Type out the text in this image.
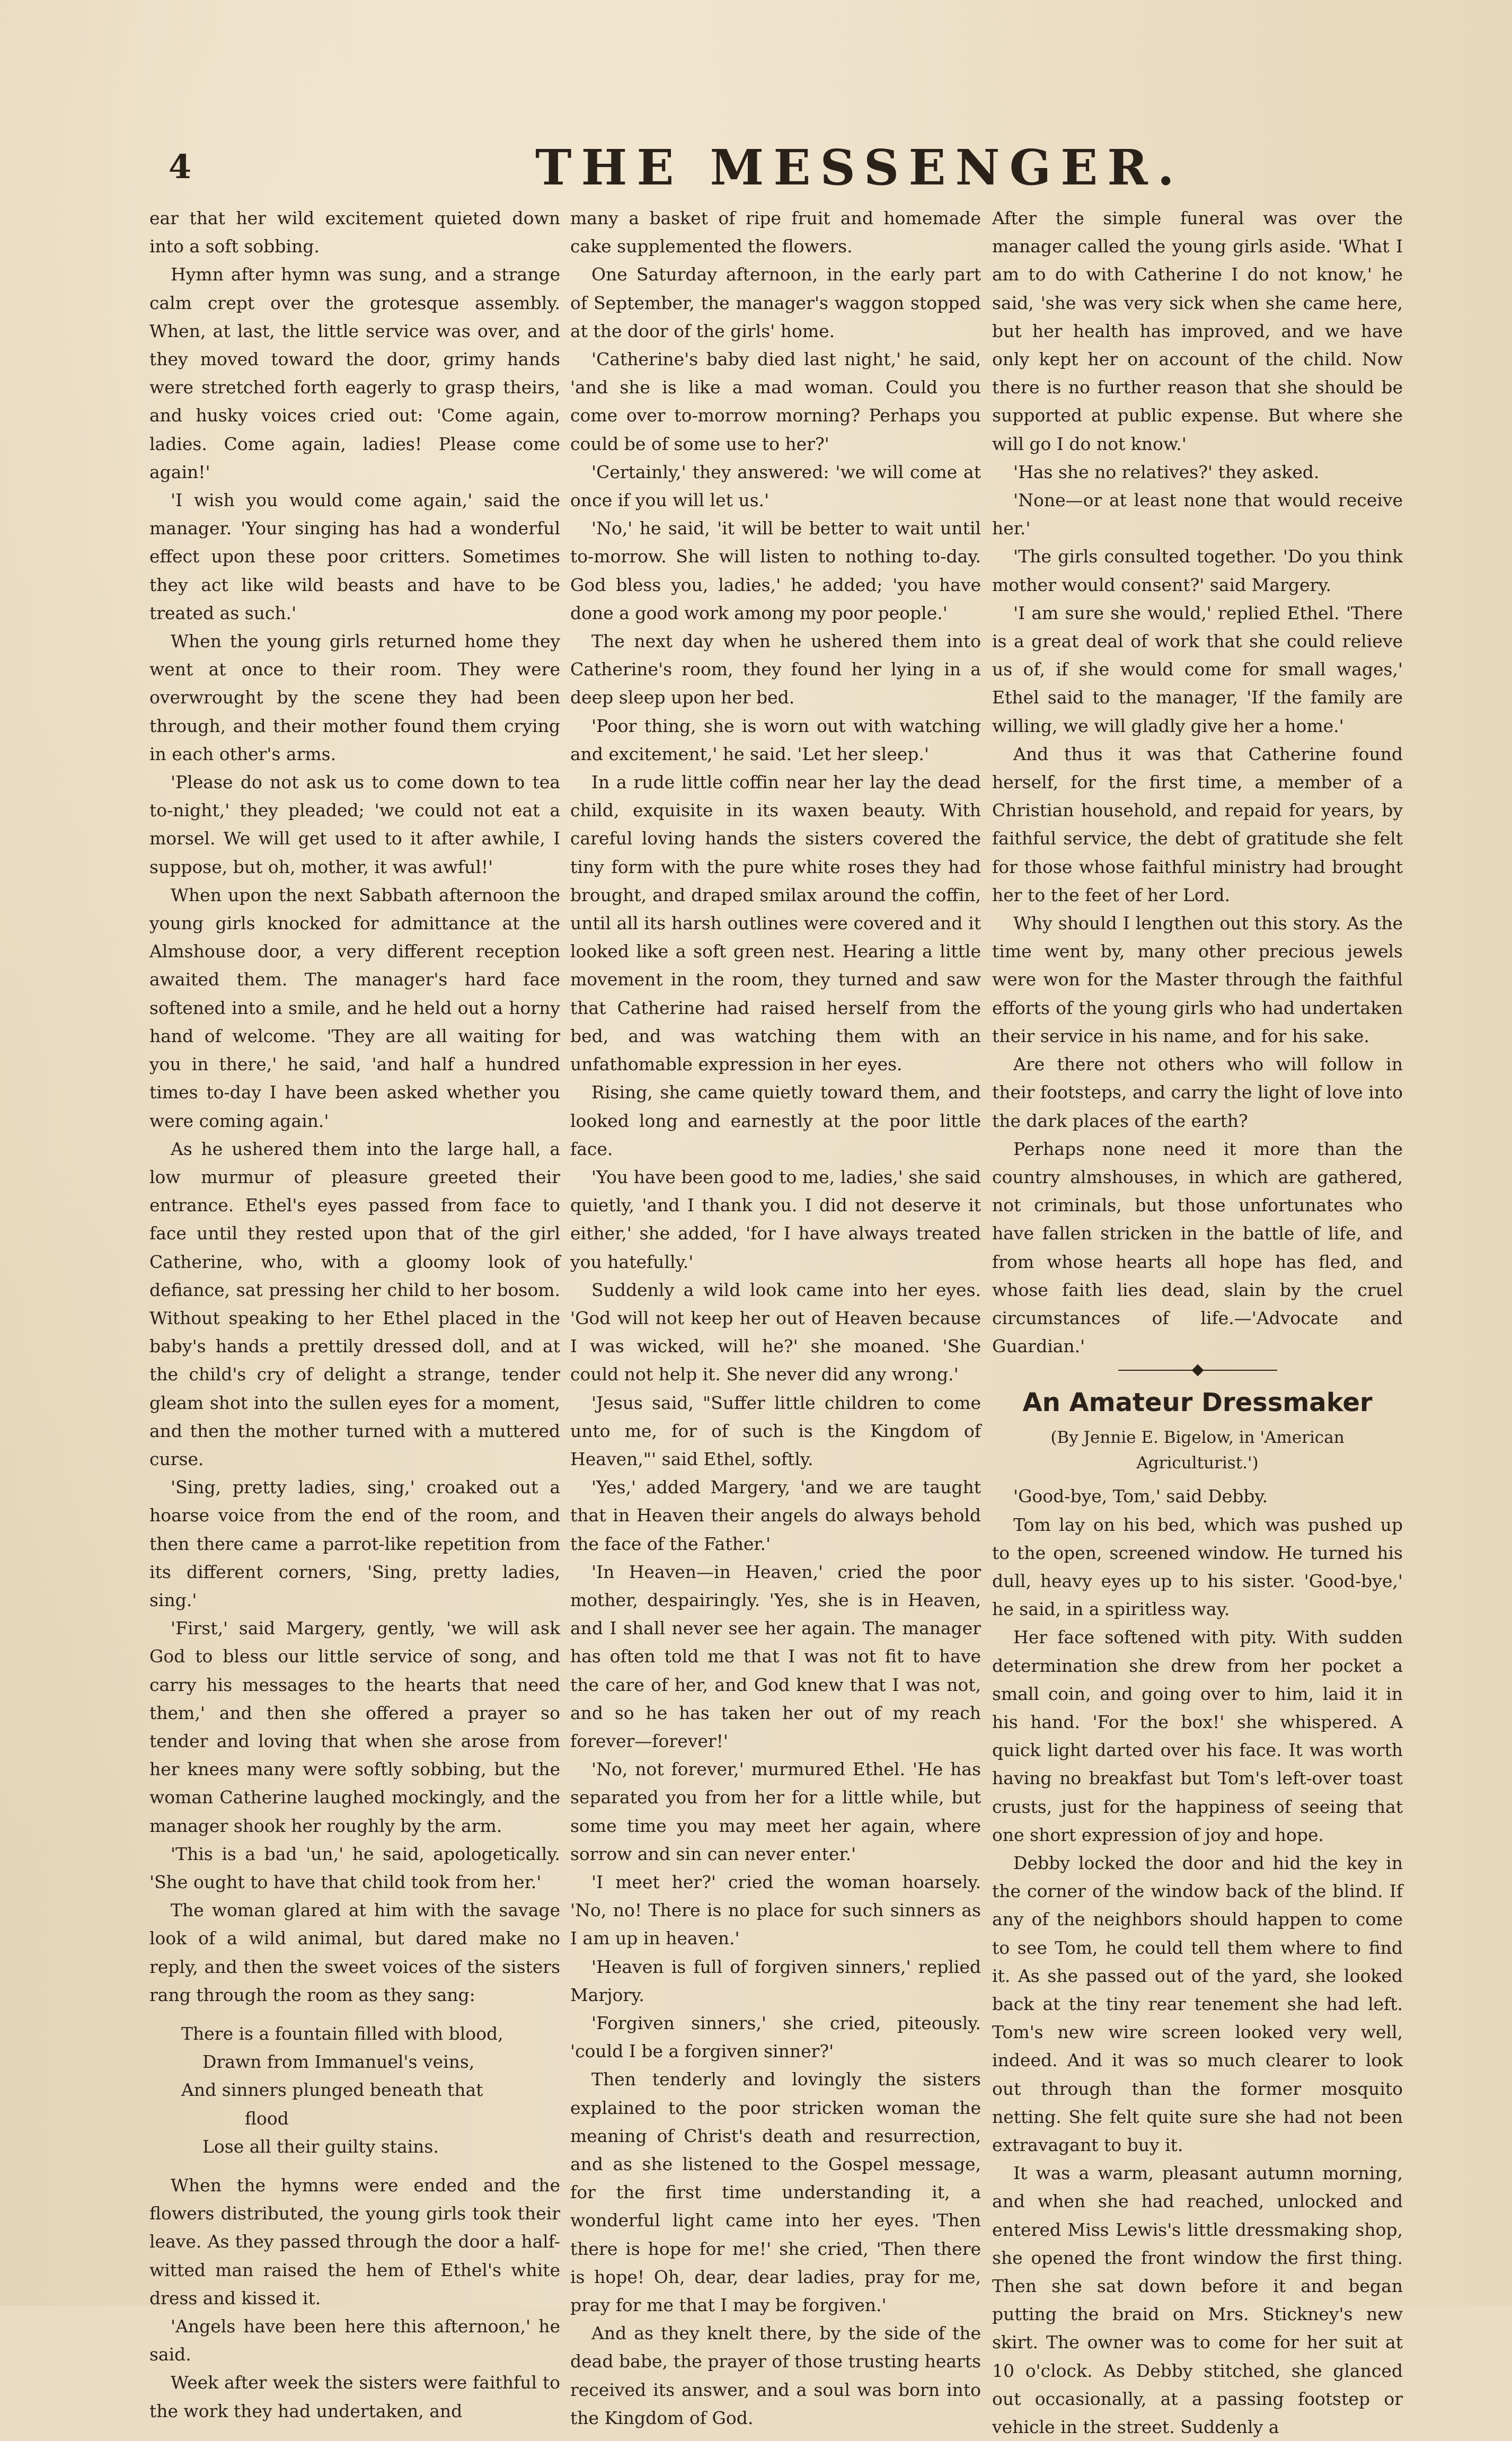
4	THE MESSENGER.

ear that her wild excitement quieted down into a soft sobbing.

Hymn after hymn was sung, and a strange calm crept over the grotesque assembly. When, at last, the little service was over, and they moved toward the door, grimy hands were stretched forth eagerly to grasp theirs, and husky voices cried out: 'Come again, ladies. Come again, ladies! Please come again!'

'I wish you would come again,' said the manager. 'Your singing has had a wonderful effect upon these poor critters. Sometimes they act like wild beasts and have to be treated as such.'

When the young girls returned home they went at once to their room. They were overwrought by the scene they had been through, and their mother found them crying in each other's arms.

'Please do not ask us to come down to tea to-night,' they pleaded; 'we could not eat a morsel. We will get used to it after awhile, I suppose, but oh, mother, it was awful!'

When upon the next Sabbath afternoon the young girls knocked for admittance at the Almshouse door, a very different reception awaited them. The manager's hard face softened into a smile, and he held out a horny hand of welcome. 'They are all waiting for you in there,' he said, 'and half a hundred times to-day I have been asked whether you were coming again.'

As he ushered them into the large hall, a low murmur of pleasure greeted their entrance. Ethel's eyes passed from face to face until they rested upon that of the girl Catherine, who, with a gloomy look of defiance, sat pressing her child to her bosom. Without speaking to her Ethel placed in the baby's hands a prettily dressed doll, and at the child's cry of delight a strange, tender gleam shot into the sullen eyes for a moment, and then the mother turned with a muttered curse.

'Sing, pretty ladies, sing,' croaked out a hoarse voice from the end of the room, and then there came a parrot-like repetition from its different corners, 'Sing, pretty ladies, sing.'

'First,' said Margery, gently, 'we will ask God to bless our little service of song, and carry his messages to the hearts that need them,' and then she offered a prayer so tender and loving that when she arose from her knees many were softly sobbing, but the woman Catherine laughed mockingly, and the manager shook her roughly by the arm.

'This is a bad 'un,' he said, apologetically. 'She ought to have that child took from her.'

The woman glared at him with the savage look of a wild animal, but dared make no reply, and then the sweet voices of the sisters rang through the room as they sang:

There is a fountain filled with blood,

Drawn from Immanuel's veins,

And sinners plunged beneath that

flood

Lose all their guilty stains.

When the hymns were ended and the flowers distributed, the young girls took their leave. As they passed through the door a half-witted man raised the hem of Ethel's white dress and kissed it.

'Angels have been here this afternoon,' he said.

Week after week the sisters were faithful to the work they had undertaken, and

many a basket of ripe fruit and homemade cake supplemented the flowers.

One Saturday afternoon, in the early part of September, the manager's waggon stopped at the door of the girls' home.

'Catherine's baby died last night,' he said, 'and she is like a mad woman. Could you come over to-morrow morning? Perhaps you could be of some use to her?'

'Certainly,' they answered: 'we will come at once if you will let us.'

'No,' he said, 'it will be better to wait until to-morrow. She will listen to nothing to-day. God bless you, ladies,' he added; 'you have done a good work among my poor people.'

The next day when he ushered them into Catherine's room, they found her lying in a deep sleep upon her bed.

'Poor thing, she is worn out with watching and excitement,' he said. 'Let her sleep.'

In a rude little coffin near her lay the dead child, exquisite in its waxen beauty. With careful loving hands the sisters covered the tiny form with the pure white roses they had brought, and draped smilax around the coffin, until all its harsh outlines were covered and it looked like a soft green nest. Hearing a little movement in the room, they turned and saw that Catherine had raised herself from the bed, and was watching them with an unfathomable expression in her eyes.

Rising, she came quietly toward them, and looked long and earnestly at the poor little face.

'You have been good to me, ladies,' she said quietly, 'and I thank you. I did not deserve it either,' she added, 'for I have always treated you hatefully.'

Suddenly a wild look came into her eyes. 'God will not keep her out of Heaven because I was wicked, will he?' she moaned. 'She could not help it. She never did any wrong.'

'Jesus said, "Suffer little children to come unto me, for of such is the Kingdom of Heaven,"' said Ethel, softly.

'Yes,' added Margery, 'and we are taught that in Heaven their angels do always behold the face of the Father.'

'In Heaven—in Heaven,' cried the poor mother, despairingly. 'Yes, she is in Heaven, and I shall never see her again. The manager has often told me that I was not fit to have the care of her, and God knew that I was not, and so he has taken her out of my reach forever—forever!'

'No, not forever,' murmured Ethel. 'He has separated you from her for a little while, but some time you may meet her again, where sorrow and sin can never enter.'

'I meet her?' cried the woman hoarsely. 'No, no! There is no place for such sinners as I am up in heaven.'

'Heaven is full of forgiven sinners,' replied Marjory.

'Forgiven sinners,' she cried, piteously. 'could I be a forgiven sinner?'

Then tenderly and lovingly the sisters explained to the poor stricken woman the meaning of Christ's death and resurrection, and as she listened to the Gospel message, for the first time understanding it, a wonderful light came into her eyes. 'Then there is hope for me!' she cried, 'Then there is hope! Oh, dear, dear ladies, pray for me, pray for me that I may be forgiven.'

And as they knelt there, by the side of the dead babe, the prayer of those trusting hearts received its answer, and a soul was born into the Kingdom of God.

After the simple funeral was over the manager called the young girls aside. 'What I am to do with Catherine I do not know,' he said, 'she was very sick when she came here, but her health has improved, and we have only kept her on account of the child. Now there is no further reason that she should be supported at public expense. But where she will go I do not know.'

'Has she no relatives?' they asked.

'None—or at least none that would receive her.'

'The girls consulted together. 'Do you think mother would consent?' said Margery.

'I am sure she would,' replied Ethel. 'There is a great deal of work that she could relieve us of, if she would come for small wages,' Ethel said to the manager, 'If the family are willing, we will gladly give her a home.'

And thus it was that Catherine found herself, for the first time, a member of a Christian household, and repaid for years, by faithful service, the debt of gratitude she felt for those whose faithful ministry had brought her to the feet of her Lord.

Why should I lengthen out this story. As the time went by, many other precious jewels were won for the Master through the faithful efforts of the young girls who had undertaken their service in his name, and for his sake.

Are there not others who will follow in their footsteps, and carry the light of love into the dark places of the earth?

Perhaps none need it more than the country almshouses, in which are gathered, not criminals, but those unfortunates who have fallen stricken in the battle of life, and from whose hearts all hope has fled, and whose faith lies dead, slain by the cruel circumstances of life.—'Advocate and Guardian.'

An Amateur Dressmaker
(By Jennie E. Bigelow, in 'American Agriculturist.')

'Good-bye, Tom,' said Debby.

Tom lay on his bed, which was pushed up to the open, screened window. He turned his dull, heavy eyes up to his sister. 'Good-bye,' he said, in a spiritless way.

Her face softened with pity. With sudden determination she drew from her pocket a small coin, and going over to him, laid it in his hand. 'For the box!' she whispered. A quick light darted over his face. It was worth having no breakfast but Tom's left-over toast crusts, just for the happiness of seeing that one short expression of joy and hope.

Debby locked the door and hid the key in the corner of the window back of the blind. If any of the neighbors should happen to come to see Tom, he could tell them where to find it. As she passed out of the yard, she looked back at the tiny rear tenement she had left. Tom's new wire screen looked very well, indeed. And it was so much clearer to look out through than the former mosquito netting. She felt quite sure she had not been extravagant to buy it.

It was a warm, pleasant autumn morning, and when she had reached, unlocked and entered Miss Lewis's little dressmaking shop, she opened the front window the first thing. Then she sat down before it and began putting the braid on Mrs. Stickney's new skirt. The owner was to come for her suit at 10 o'clock. As Debby stitched, she glanced out occasionally, at a passing footstep or vehicle in the street. Suddenly a
